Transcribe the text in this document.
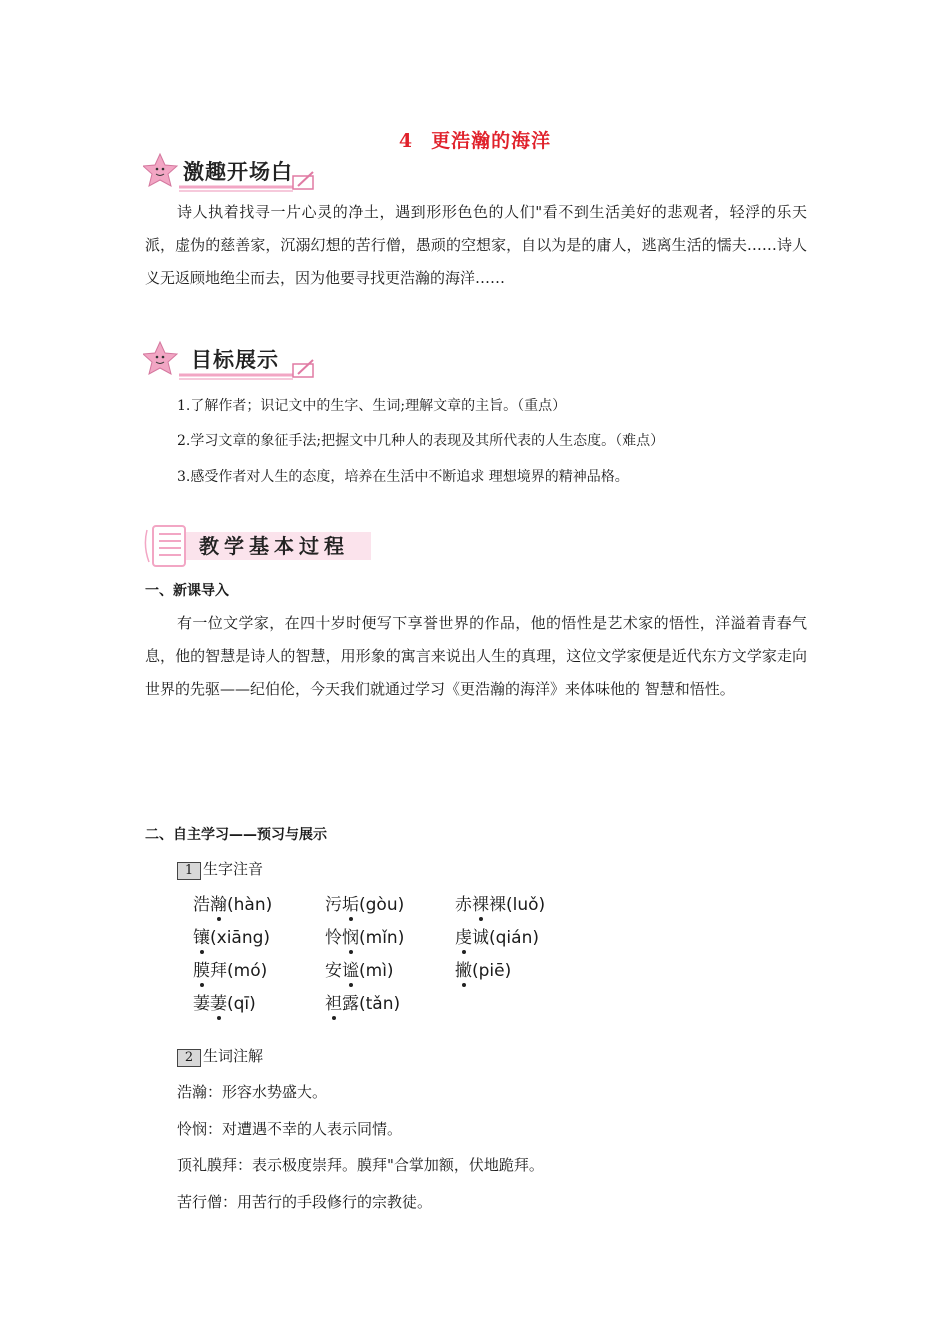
4 更浩瀚的海洋
激趣开场白
诗人执着找寻一片心灵的净土，遇到形形色色的人们"看不到生活美好的悲观者，轻浮的乐天派，虚伪的慈善家，沉溺幻想的苦行僧，愚顽的空想家，自以为是的庸人，逃离生活的懦夫……诗人义无返顾地绝尘而去，因为他要寻找更浩瀚的海洋……
目标展示
1.了解作者；识记文中的生字、生词;理解文章的主旨。（重点）
2.学习文章的象征手法;把握文中几种人的表现及其所代表的人生态度。（难点）
3.感受作者对人生的态度，培养在生活中不断追求 理想境界的精神品格。
教学基本过程
一、新课导入
有一位文学家，在四十岁时便写下享誉世界的作品，他的悟性是艺术家的悟性，洋溢着青春气息，他的智慧是诗人的智慧，用形象的寓言来说出人生的真理，这位文学家便是近代东方文学家走向世界的先驱——纪伯伦，今天我们就通过学习《更浩瀚的海洋》来体味他的 智慧和悟性。
二、自主学习——预习与展示
1 生字注音
浩瀚(hàn)	污垢(gòu)	赤裸裸(luǒ)
镶(xiāng)	怜悯(mǐn)	虔诚(qián)
膜拜(mó)	安谧(mì)	撇(piē)
萋萋(qī)	袒露(tǎn)
2 生词注解
浩瀚：形容水势盛大。
怜悯：对遭遇不幸的人表示同情。
顶礼膜拜：表示极度崇拜。膜拜"合掌加额，伏地跪拜。
苦行僧：用苦行的手段修行的宗教徒。
